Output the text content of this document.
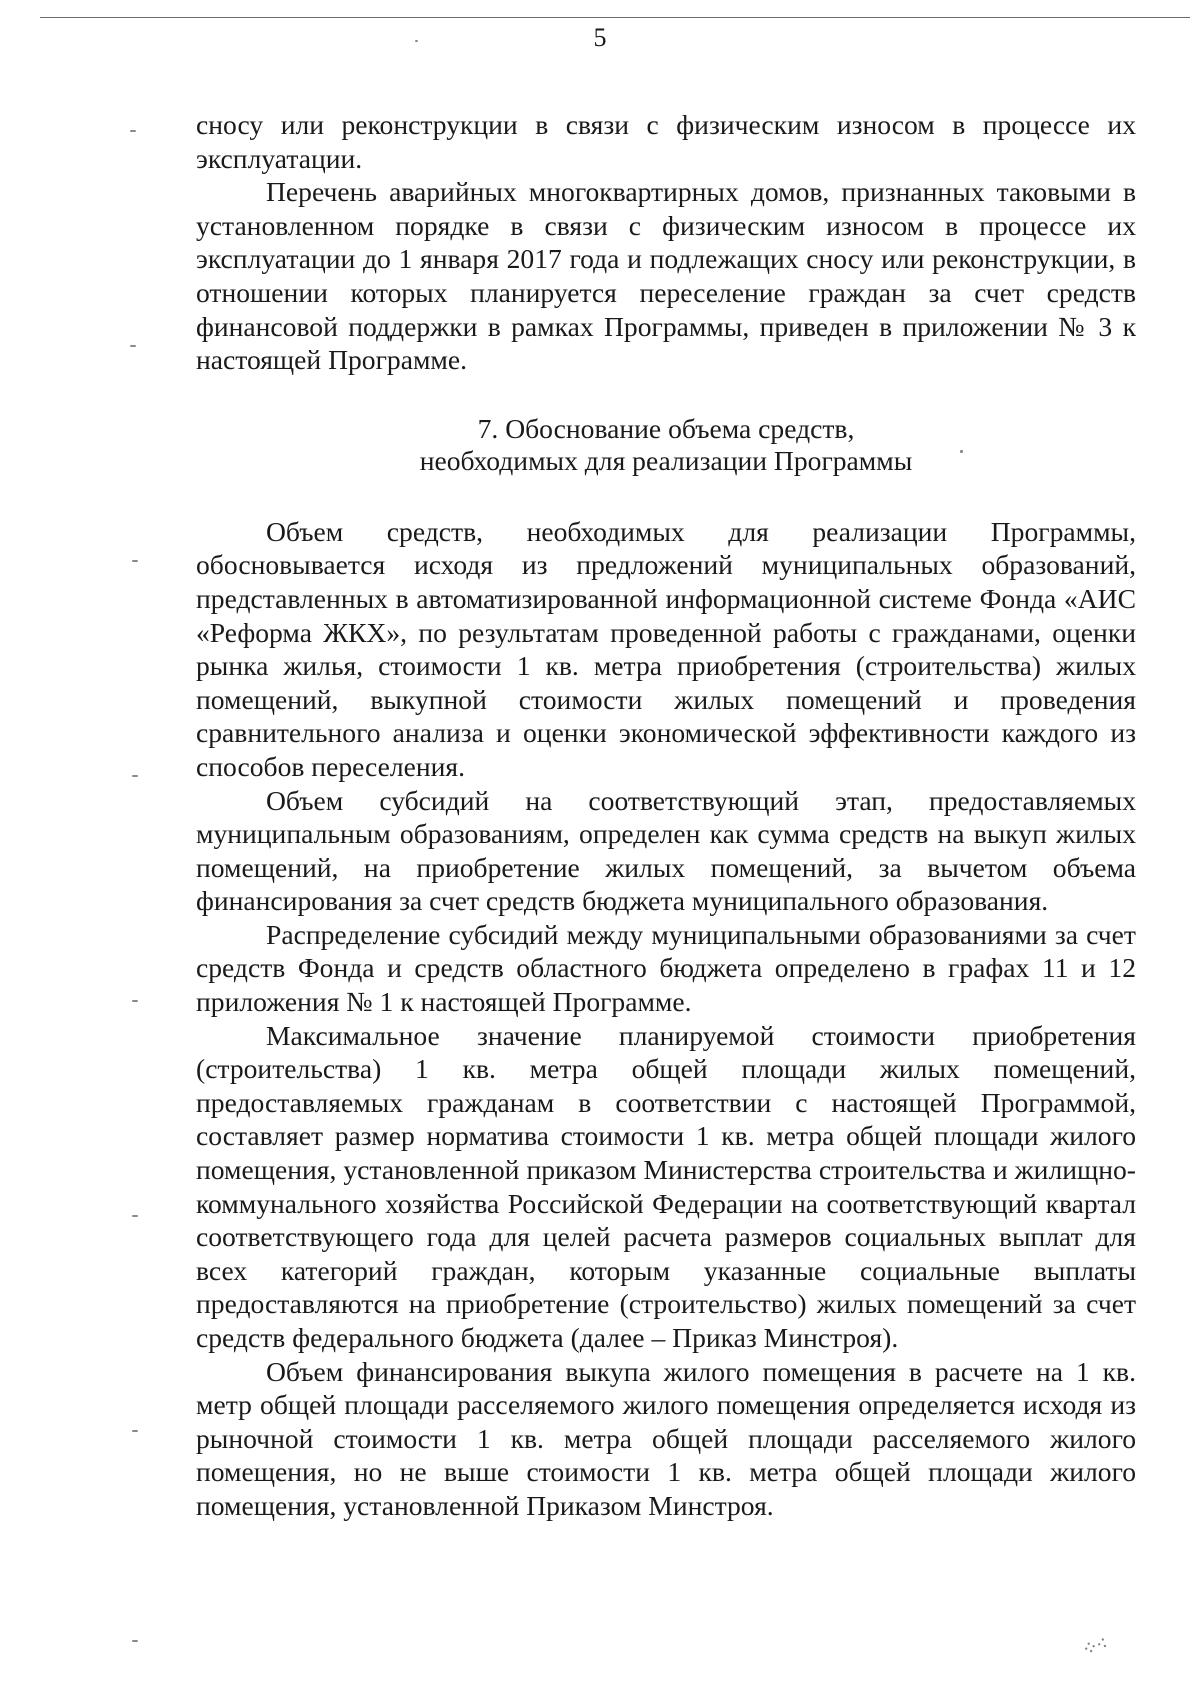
5

сносу или реконструкции в связи с физическим износом в процессе их эксплуатации.

Перечень аварийных многоквартирных домов, признанных таковыми в установленном порядке в связи с физическим износом в процессе их эксплуатации до 1 января 2017 года и подлежащих сносу или реконструкции, в отношении которых планируется переселение граждан за счет средств финансовой поддержки в рамках Программы, приведен в приложении № 3 к настоящей Программе.

7. Обоснование объема средств,
необходимых для реализации Программы

Объем средств, необходимых для реализации Программы, обосновывается исходя из предложений муниципальных образований, представленных в автоматизированной информационной системе Фонда «АИС «Реформа ЖКХ», по результатам проведенной работы с гражданами, оценки рынка жилья, стоимости 1 кв. метра приобретения (строительства) жилых помещений, выкупной стоимости жилых помещений и проведения сравнительного анализа и оценки экономической эффективности каждого из способов переселения.

Объем субсидий на соответствующий этап, предоставляемых муниципальным образованиям, определен как сумма средств на выкуп жилых помещений, на приобретение жилых помещений, за вычетом объема финансирования за счет средств бюджета муниципального образования.

Распределение субсидий между муниципальными образованиями за счет средств Фонда и средств областного бюджета определено в графах 11 и 12 приложения № 1 к настоящей Программе.

Максимальное значение планируемой стоимости приобретения (строительства) 1 кв. метра общей площади жилых помещений, предоставляемых гражданам в соответствии с настоящей Программой, составляет размер норматива стоимости 1 кв. метра общей площади жилого помещения, установленной приказом Министерства строительства и жилищно-коммунального хозяйства Российской Федерации на соответствующий квартал соответствующего года для целей расчета размеров социальных выплат для всех категорий граждан, которым указанные социальные выплаты предоставляются на приобретение (строительство) жилых помещений за счет средств федерального бюджета (далее – Приказ Минстроя).

Объем финансирования выкупа жилого помещения в расчете на 1 кв. метр общей площади расселяемого жилого помещения определяется исходя из рыночной стоимости 1 кв. метра общей площади расселяемого жилого помещения, но не выше стоимости 1 кв. метра общей площади жилого помещения, установленной Приказом Минстроя.

⁘⁖
